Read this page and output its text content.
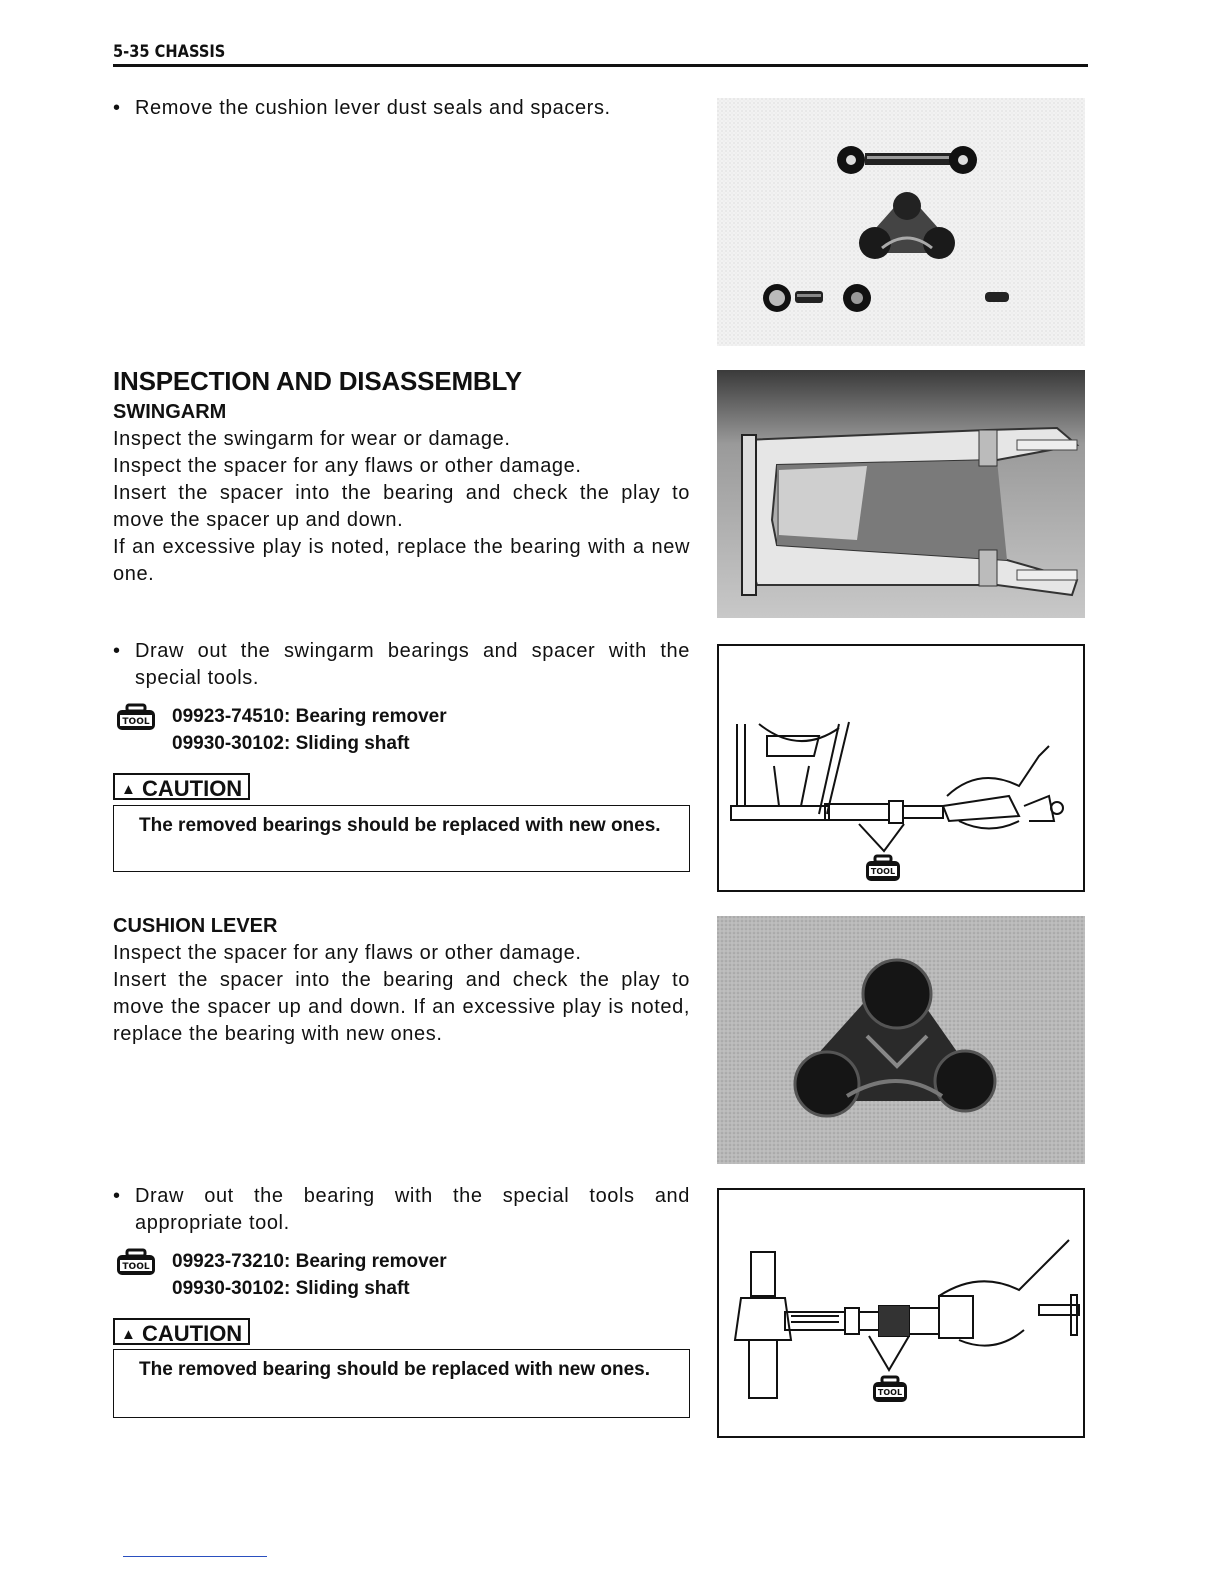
5-35 CHASSIS
• Remove the cushion lever dust seals and spacers.
INSPECTION AND DISASSEMBLY
SWINGARM
Inspect the swingarm for wear or damage.
Inspect the spacer for any flaws or other damage.
Insert the spacer into the bearing and check the play to move the spacer up and down.
If an excessive play is noted, replace the bearing with a new one.
• Draw out the swingarm bearings and spacer with the special tools.
TOOL 09923-74510: Bearing remover
09930-30102: Sliding shaft
▲ CAUTION
The removed bearings should be replaced with new ones.
TOOL
CUSHION LEVER
Inspect the spacer for any flaws or other damage.
Insert the spacer into the bearing and check the play to move the spacer up and down. If an excessive play is noted, replace the bearing with new ones.
• Draw out the bearing with the special tools and appropriate tool.
TOOL 09923-73210: Bearing remover
09930-30102: Sliding shaft
▲ CAUTION
The removed bearing should be replaced with new ones.
TOOL
